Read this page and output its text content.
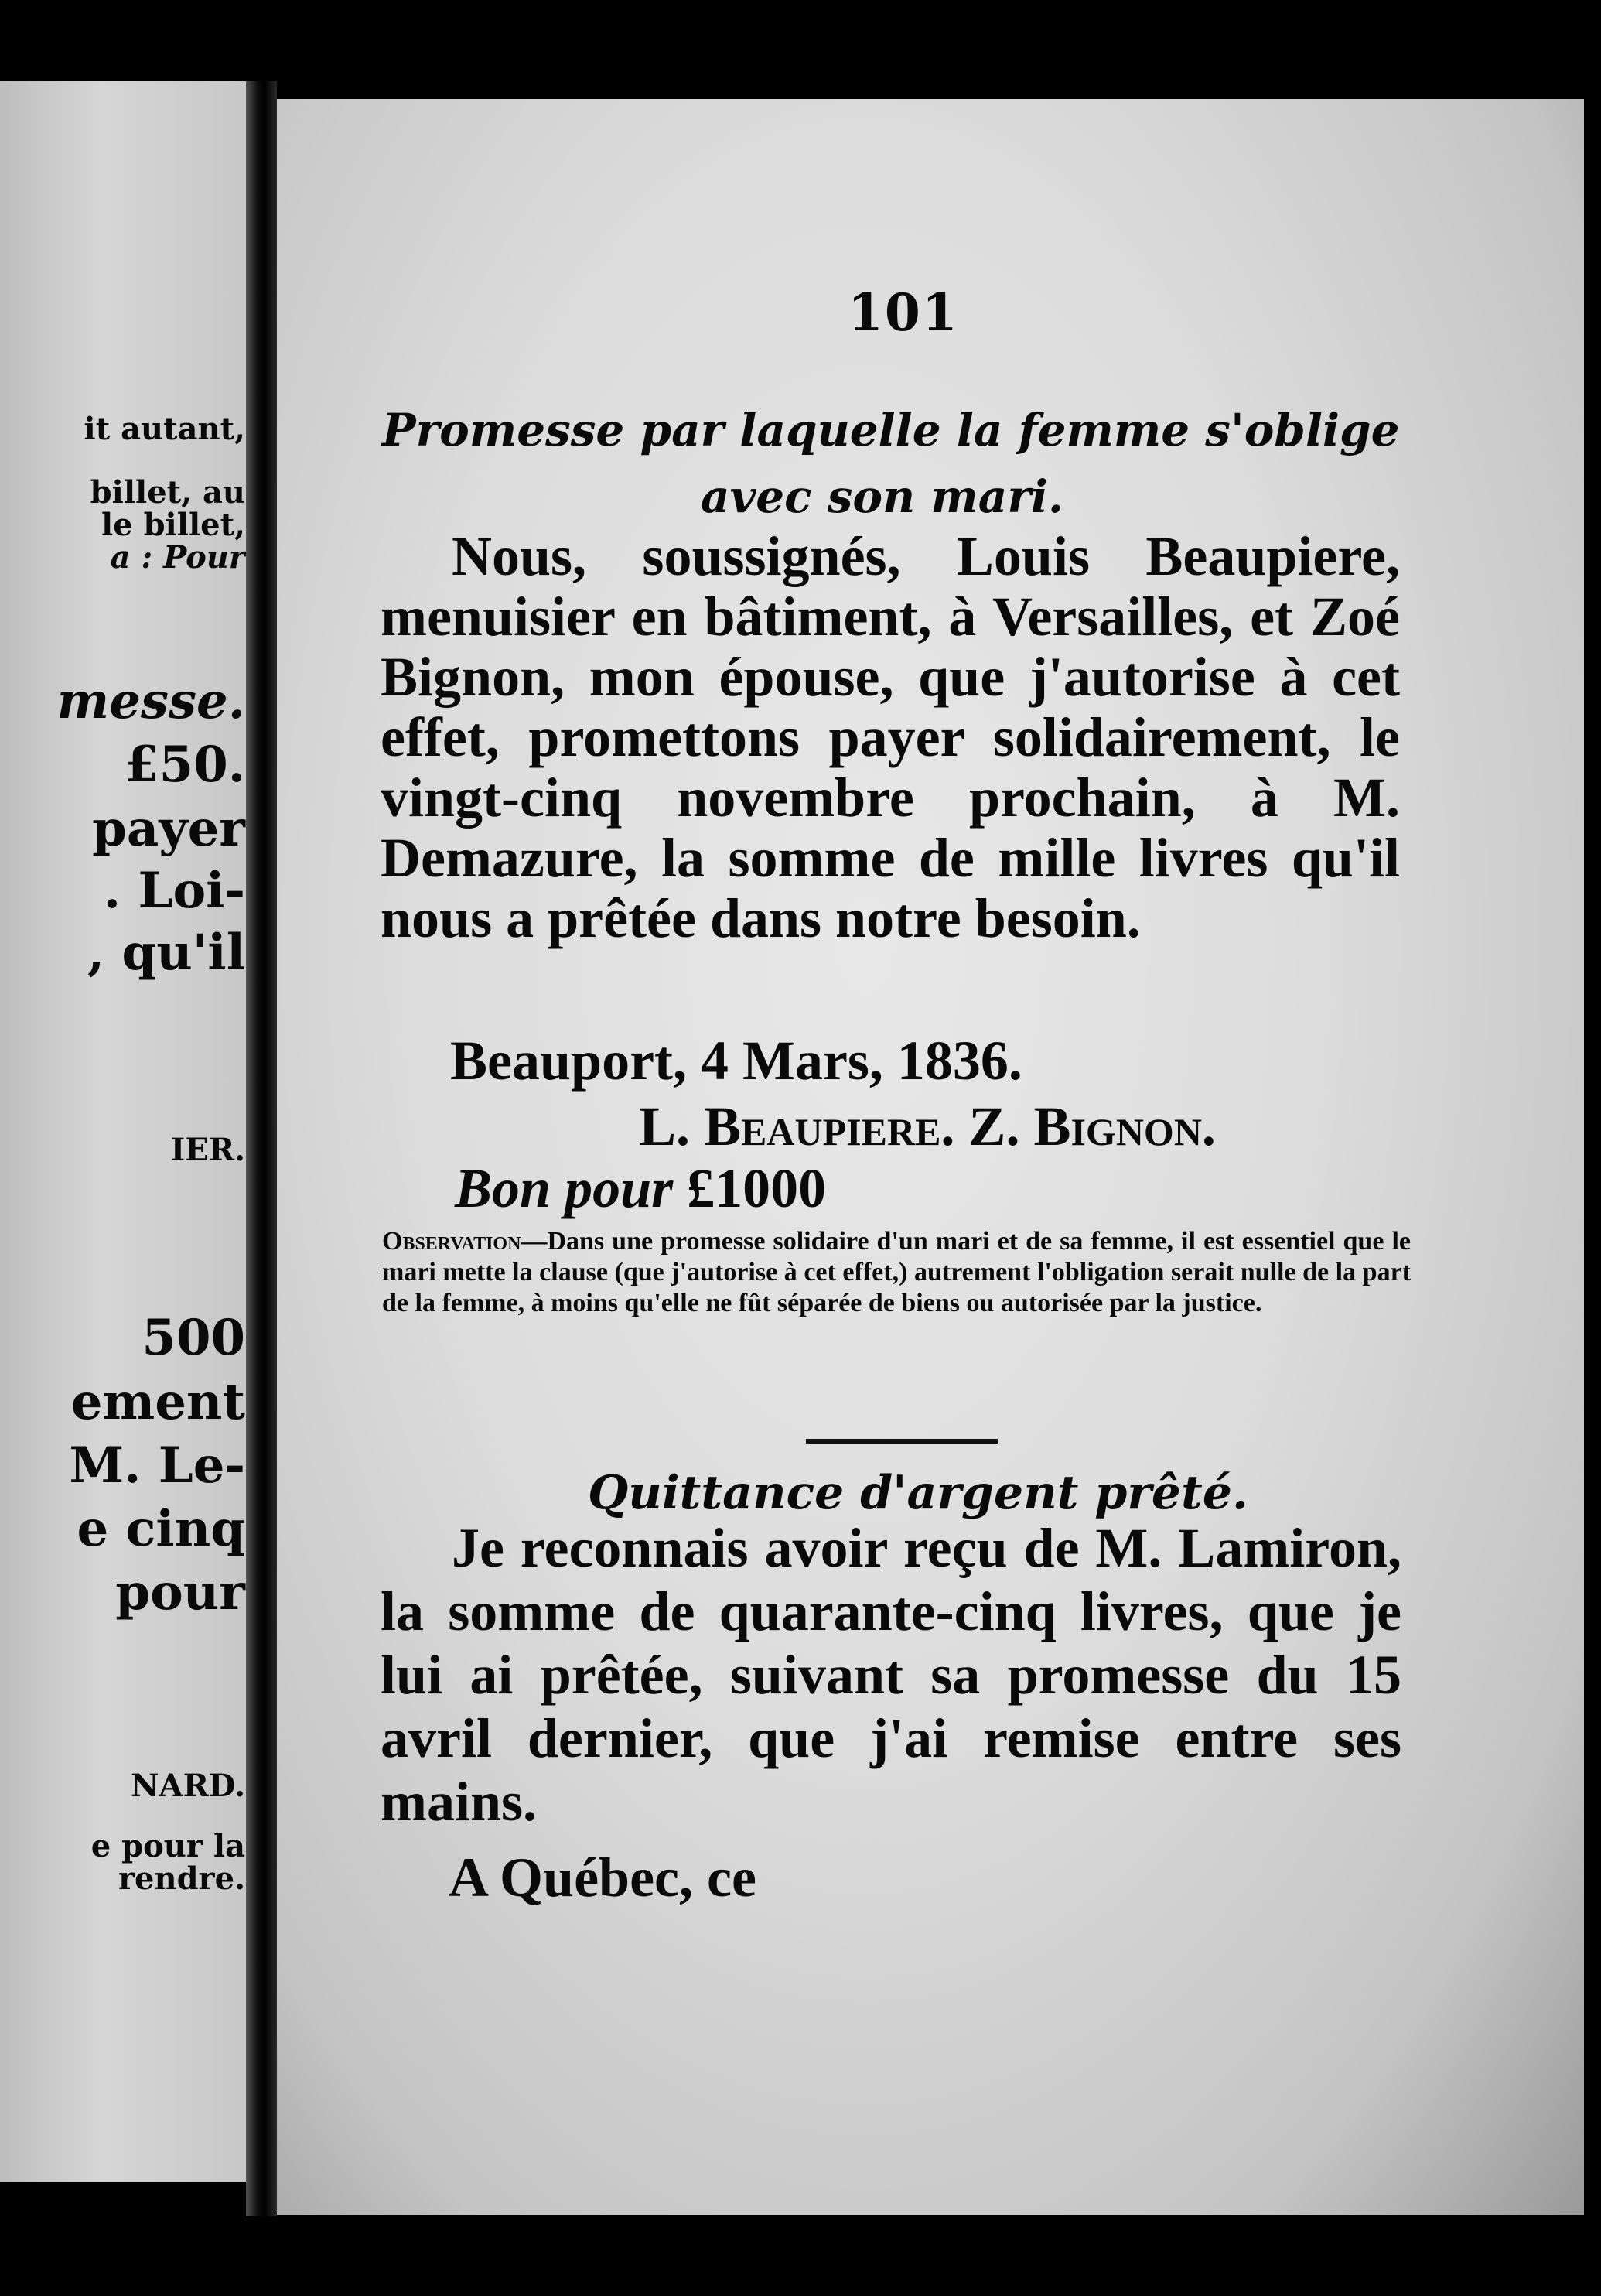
it autant,
billet, au
le billet,
a : Pour
messe.
£50.
payer
. Loi-
, qu'il
IER.
500
ement
M. Le-
e cinq
pour
NARD.
e pour la
rendre.
101
Promesse par laquelle la femme s'oblige
avec son mari.

Nous, soussignés, Louis Beaupiere, menuisier en bâtiment, à Versailles, et Zoé Bignon, mon épouse, que j'autorise à cet effet, promettons payer solidairement, le vingt-cinq novembre prochain, à M. Demazure, la somme de mille livres qu'il nous a prêtée dans notre besoin.

Beauport, 4 Mars, 1836.
L. Beaupiere. Z. Bignon.
Bon pour £1000
Observation—Dans une promesse solidaire d'un mari et de sa femme, il est essentiel que le mari mette la clause (que j'autorise à cet effet,) autrement l'obligation serait nulle de la part de la femme, à moins qu'elle ne fût séparée de biens ou autorisée par la justice.
Quittance d'argent prêté.

Je reconnais avoir reçu de M. Lamiron, la somme de quarante-cinq livres, que je lui ai prêtée, suivant sa promesse du 15 avril dernier, que j'ai remise entre ses mains.

A Québec, ce
